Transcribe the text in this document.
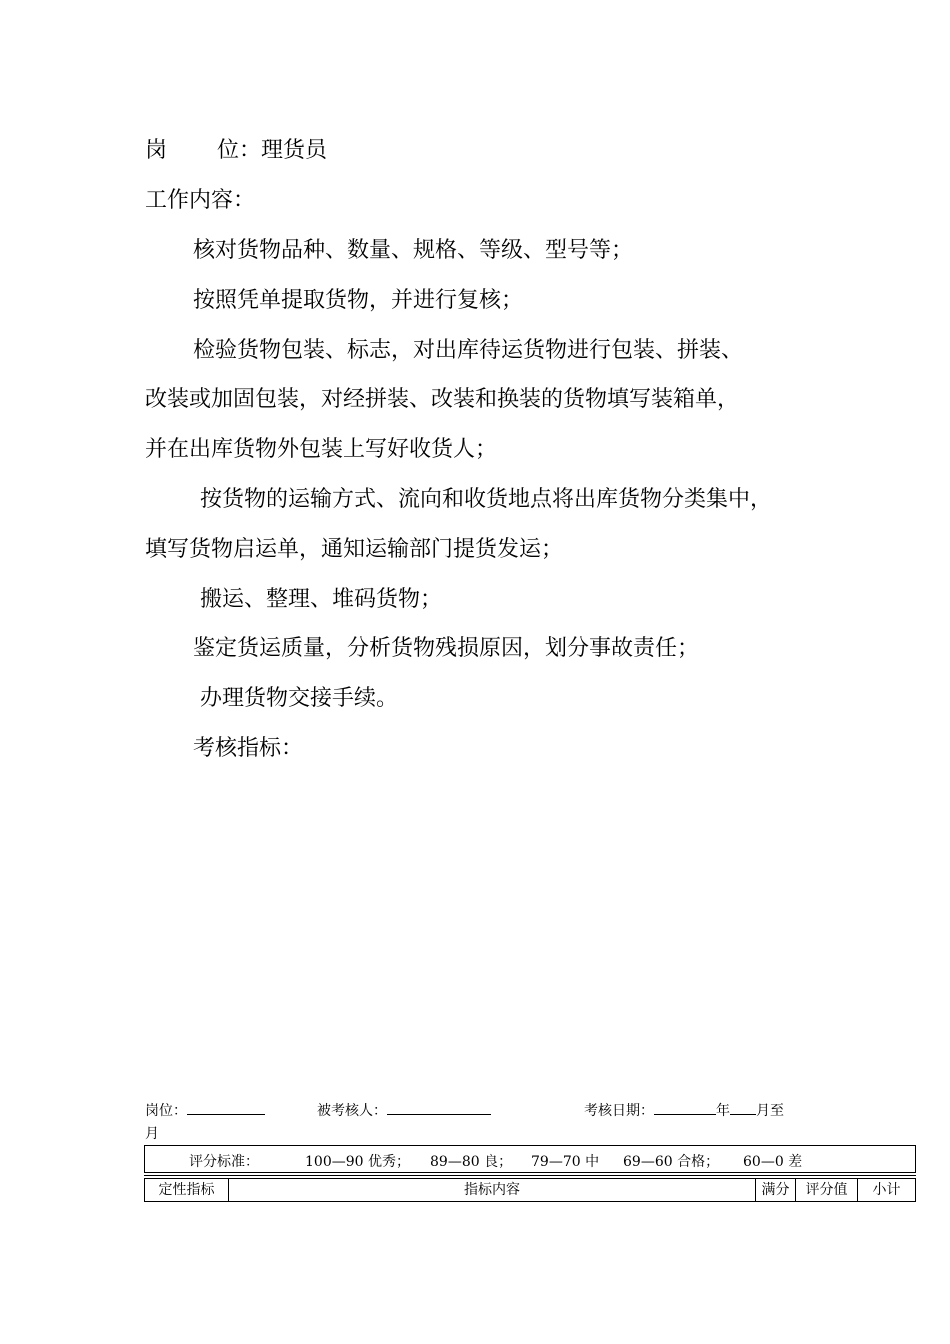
岗 位：理货员
工作内容：
核对货物品种、数量、规格、等级、型号等；
按照凭单提取货物，并进行复核；
检验货物包装、标志，对出库待运货物进行包装、拼装、
改装或加固包装，对经拼装、改装和换装的货物填写装箱单，
并在出库货物外包装上写好收货人；
按货物的运输方式、流向和收货地点将出库货物分类集中，
填写货物启运单，通知运输部门提货发运；
搬运、整理、堆码货物；
鉴定货运质量，分析货物残损原因，划分事故责任；
办理货物交接手续。
考核指标：
岗位：	被考核人：	考核日期：	年 月至
月
评分标准：	100—90 优秀； 89—80 良； 79—70 中 69—60 合格； 60—0 差
定性指标	指标内容	满分	评分值	小计
